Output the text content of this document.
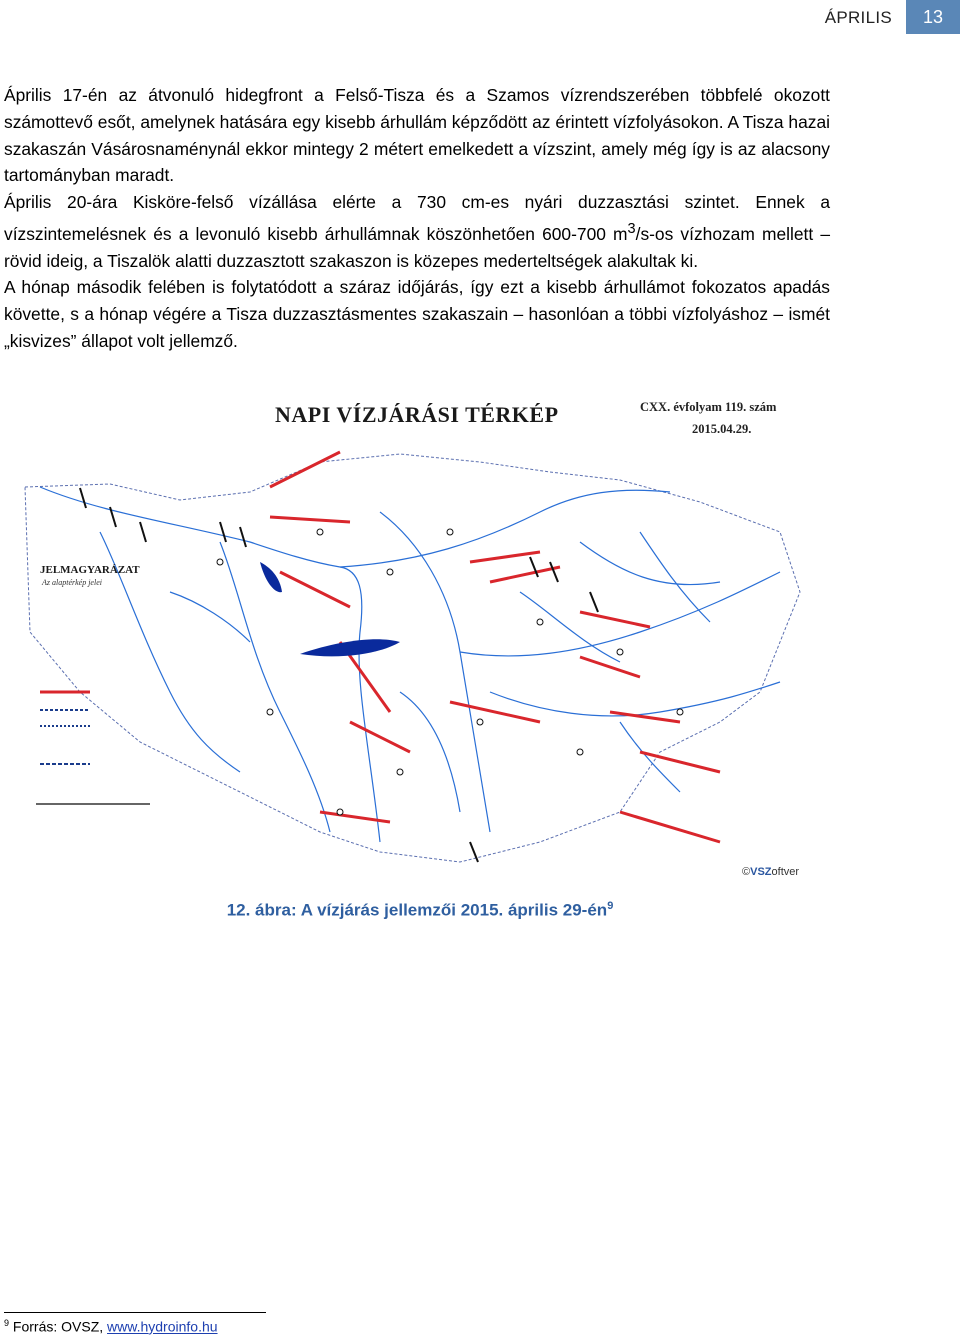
ÁPRILIS	13

Április 17-én az átvonuló hidegfront a Felső-Tisza és a Szamos vízrendszerében többfelé okozott számottevő esőt, amelynek hatására egy kisebb árhullám képződött az érintett vízfolyásokon. A Tisza hazai szakaszán Vásárosnaménynál ekkor mintegy 2 métert emelkedett a vízszint, amely még így is az alacsony tartományban maradt.

Április 20-ára Kisköre-felső vízállása elérte a 730 cm-es nyári duzzasztási szintet. Ennek a vízszintemelésnek és a levonuló kisebb árhullámnak köszönhetően 600-700 $m^3/s-os$ vízhozam mellett – rövid ideig, a Tiszalök alatti duzzasztott szakaszon is közepes mederteltségek alakultak ki.

A hónap második felében is folytatódott a száraz időjárás, így ezt a kisebb árhullámot fokozatos apadás követte, s a hónap végére a Tisza duzzasztásmentes szakaszain – hasonlóan a többi vízfolyáshoz – ismét „kisvizes” állapot volt jellemző.

NAPI VÍZJÁRÁSI TÉRKÉP	CXX. évfolyam 119. szám
2015.04.29.
JELMAGYARÁZAT
Az alaptérkép jelei
©VSZoftver
12. ábra: A vízjárás jellemzői 2015. április $29-én^9$
$^9$ Forrás: OVSZ, www.hydroinfo.hu
